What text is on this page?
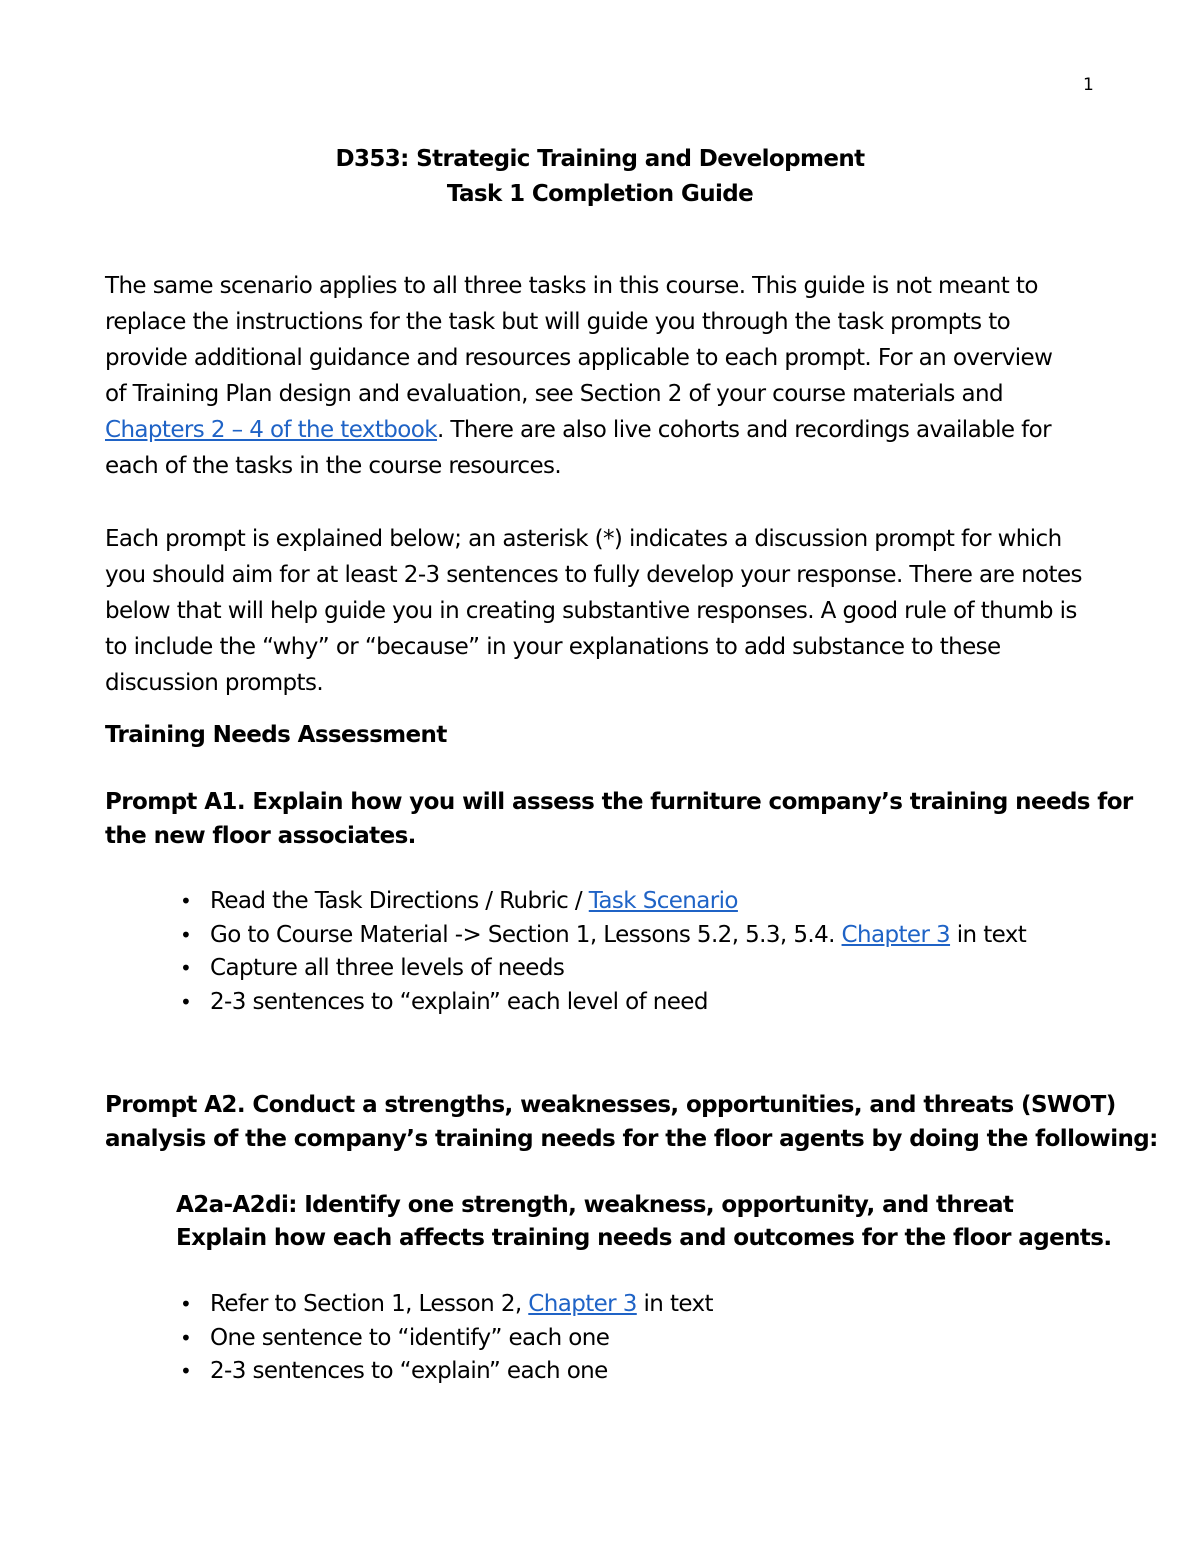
1
D353: Strategic Training and Development
Task 1 Completion Guide
The same scenario applies to all three tasks in this course. This guide is not meant to
replace the instructions for the task but will guide you through the task prompts to
provide additional guidance and resources applicable to each prompt. For an overview
of Training Plan design and evaluation, see Section 2 of your course materials and
Chapters 2 – 4 of the textbook. There are also live cohorts and recordings available for
each of the tasks in the course resources.
Each prompt is explained below; an asterisk (*) indicates a discussion prompt for which
you should aim for at least 2-3 sentences to fully develop your response. There are notes
below that will help guide you in creating substantive responses. A good rule of thumb is
to include the “why” or “because” in your explanations to add substance to these
discussion prompts.
Training Needs Assessment
Prompt A1. Explain how you will assess the furniture company’s training needs for
the new floor associates.
• Read the Task Directions / Rubric / Task Scenario
• Go to Course Material -> Section 1, Lessons 5.2, 5.3, 5.4. Chapter 3 in text
• Capture all three levels of needs
• 2-3 sentences to “explain” each level of need
Prompt A2. Conduct a strengths, weaknesses, opportunities, and threats (SWOT)
analysis of the company’s training needs for the floor agents by doing the following:
A2a-A2di: Identify one strength, weakness, opportunity, and threat
Explain how each affects training needs and outcomes for the floor agents.
• Refer to Section 1, Lesson 2, Chapter 3 in text
• One sentence to “identify” each one
• 2-3 sentences to “explain” each one
